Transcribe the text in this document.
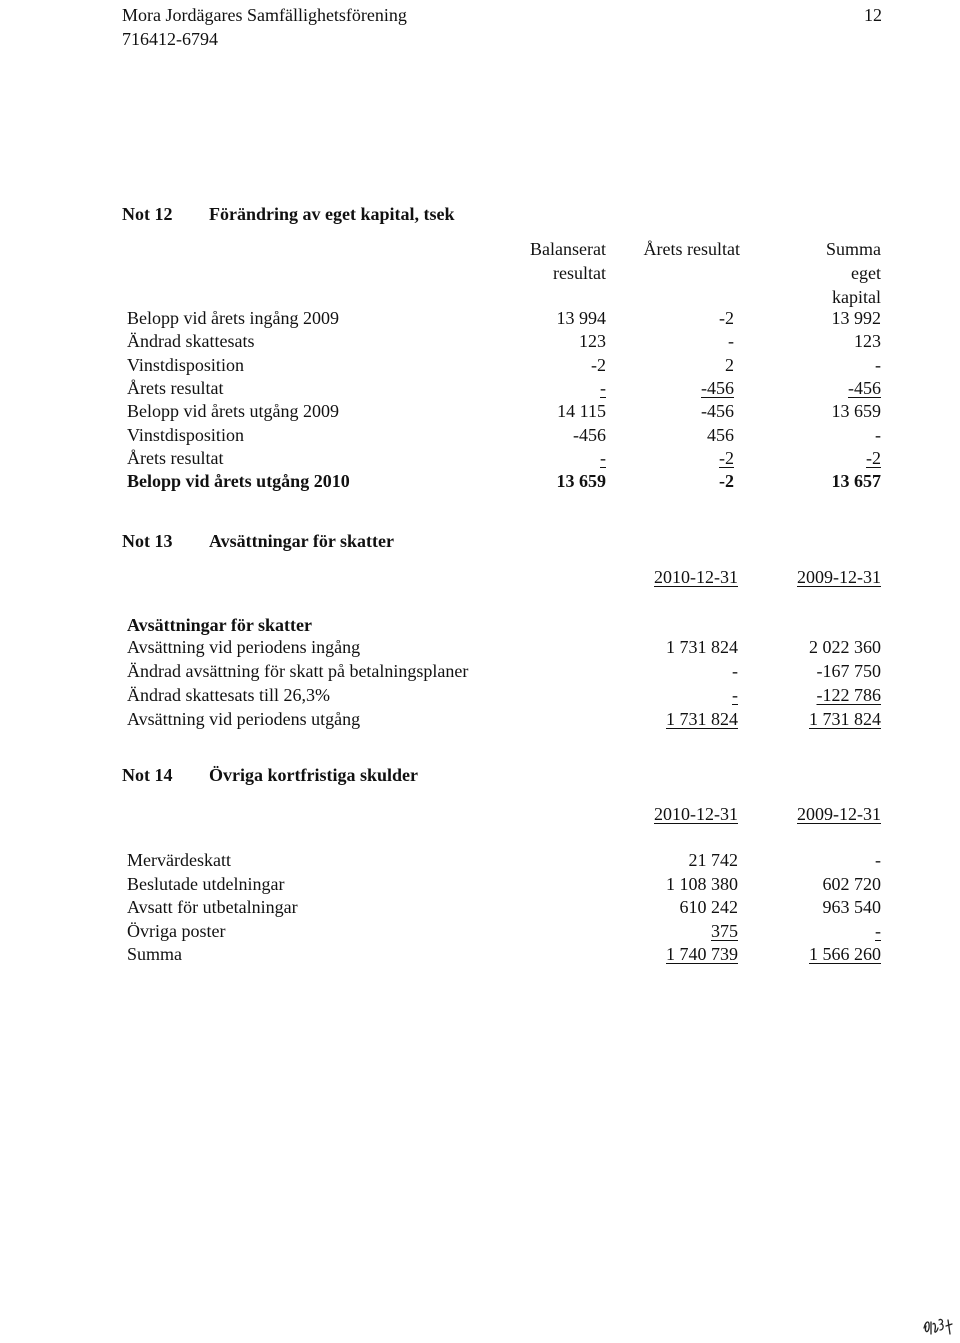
Mora Jordägares Samfällighetsförening
716412-6794
12
Not 12 Förändring av eget kapital, tsek
Balanserat
resultat
Årets resultat	Summa
eget
kapital
Belopp vid årets ingång 2009	13 994	-2	13 992
Ändrad skattesats	123	-	123
Vinstdisposition	-2	2	-
Årets resultat	-	-456	-456
Belopp vid årets utgång 2009	14 115	-456	13 659
Vinstdisposition	-456	456	-
Årets resultat	-	-2	-2
Belopp vid årets utgång 2010	13 659	-2	13 657
Not 13 Avsättningar för skatter
2010-12-31	2009-12-31
Avsättningar för skatter
Avsättning vid periodens ingång	1 731 824	2 022 360
Ändrad avsättning för skatt på betalningsplaner	-	-167 750
Ändrad skattesats till 26,3%	-	-122 786
Avsättning vid periodens utgång	1 731 824	1 731 824
Not 14 Övriga kortfristiga skulder
2010-12-31	2009-12-31
Mervärdeskatt	21 742	-
Beslutade utdelningar	1 108 380	602 720
Avsatt för utbetalningar	610 242	963 540
Övriga poster	375	-
Summa	1 740 739	1 566 260
